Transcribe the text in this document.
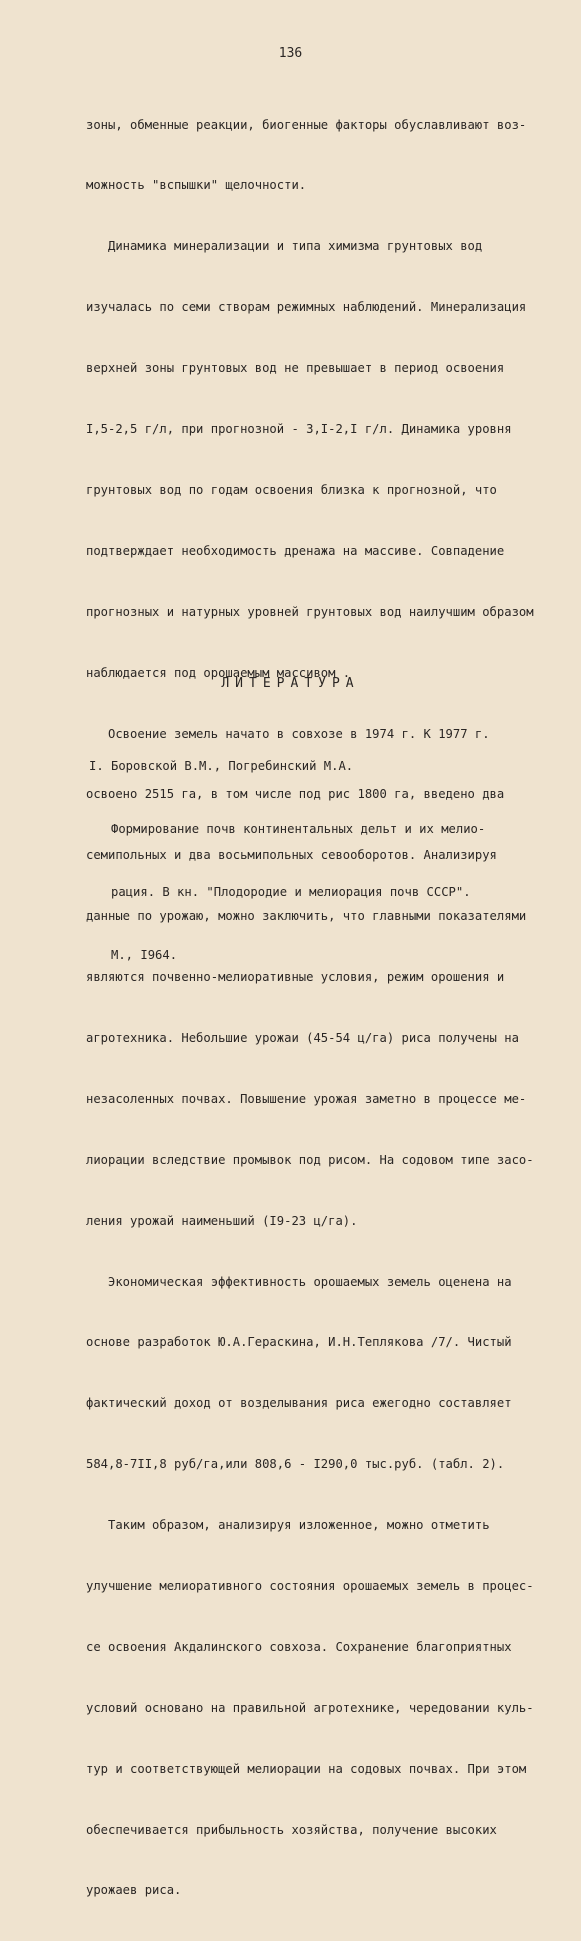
136

зоны, обменные реакции, биогенные факторы обуславливают воз-

можность "вспышки" щелочности.

Динамика минерализации и типа химизма грунтовых вод

изучалась по семи створам режимных наблюдений. Минерализация

верхней зоны грунтовых вод не превышает в период освоения

I,5-2,5 г/л, при прогнозной - 3,I-2,I г/л. Динамика уровня

грунтовых вод по годам освоения близка к прогнозной, что

подтверждает необходимость дренажа на массиве. Совпадение

прогнозных и натурных уровней грунтовых вод наилучшим образом

наблюдается под орошаемым массивом .

Освоение земель начато в совхозе в 1974 г. К 1977 г.

освоено 2515 га, в том числе под рис 1800 га, введено два

семипольных и два восьмипольных севооборотов. Анализируя

данные по урожаю, можно заключить, что главными показателями

являются почвенно-мелиоративные условия, режим орошения и

агротехника. Небольшие урожаи (45-54 ц/га) риса получены на

незасоленных почвах. Повышение урожая заметно в процессе ме-

лиорации вследствие промывок под рисом. На содовом типе засо-

ления урожай наименьший (I9-23 ц/га).

Экономическая эффективность орошаемых земель оценена на

основе разработок Ю.А.Гераскина, И.Н.Теплякова /7/. Чистый

фактический доход от возделывания риса ежегодно составляет

584,8-7II,8 руб/га,или 808,6 - I290,0 тыс.руб. (табл. 2).

Таким образом, анализируя изложенное, можно отметить

улучшение мелиоративного состояния орошаемых земель в процес-

се освоения Акдалинского совхоза. Сохранение благоприятных

условий основано на правильной агротехнике, чередовании куль-

тур и соответствующей мелиорации на содовых почвах. При этом

обеспечивается прибыльность хозяйства, получение высоких

урожаев риса.

ЛИТЕРАТУРА

I. Боровской В.М., Погребинский М.А.

Формирование почв континентальных дельт и их мелио-

рация. В кн. "Плодородие и мелиорация почв СССР".

М., I964.
